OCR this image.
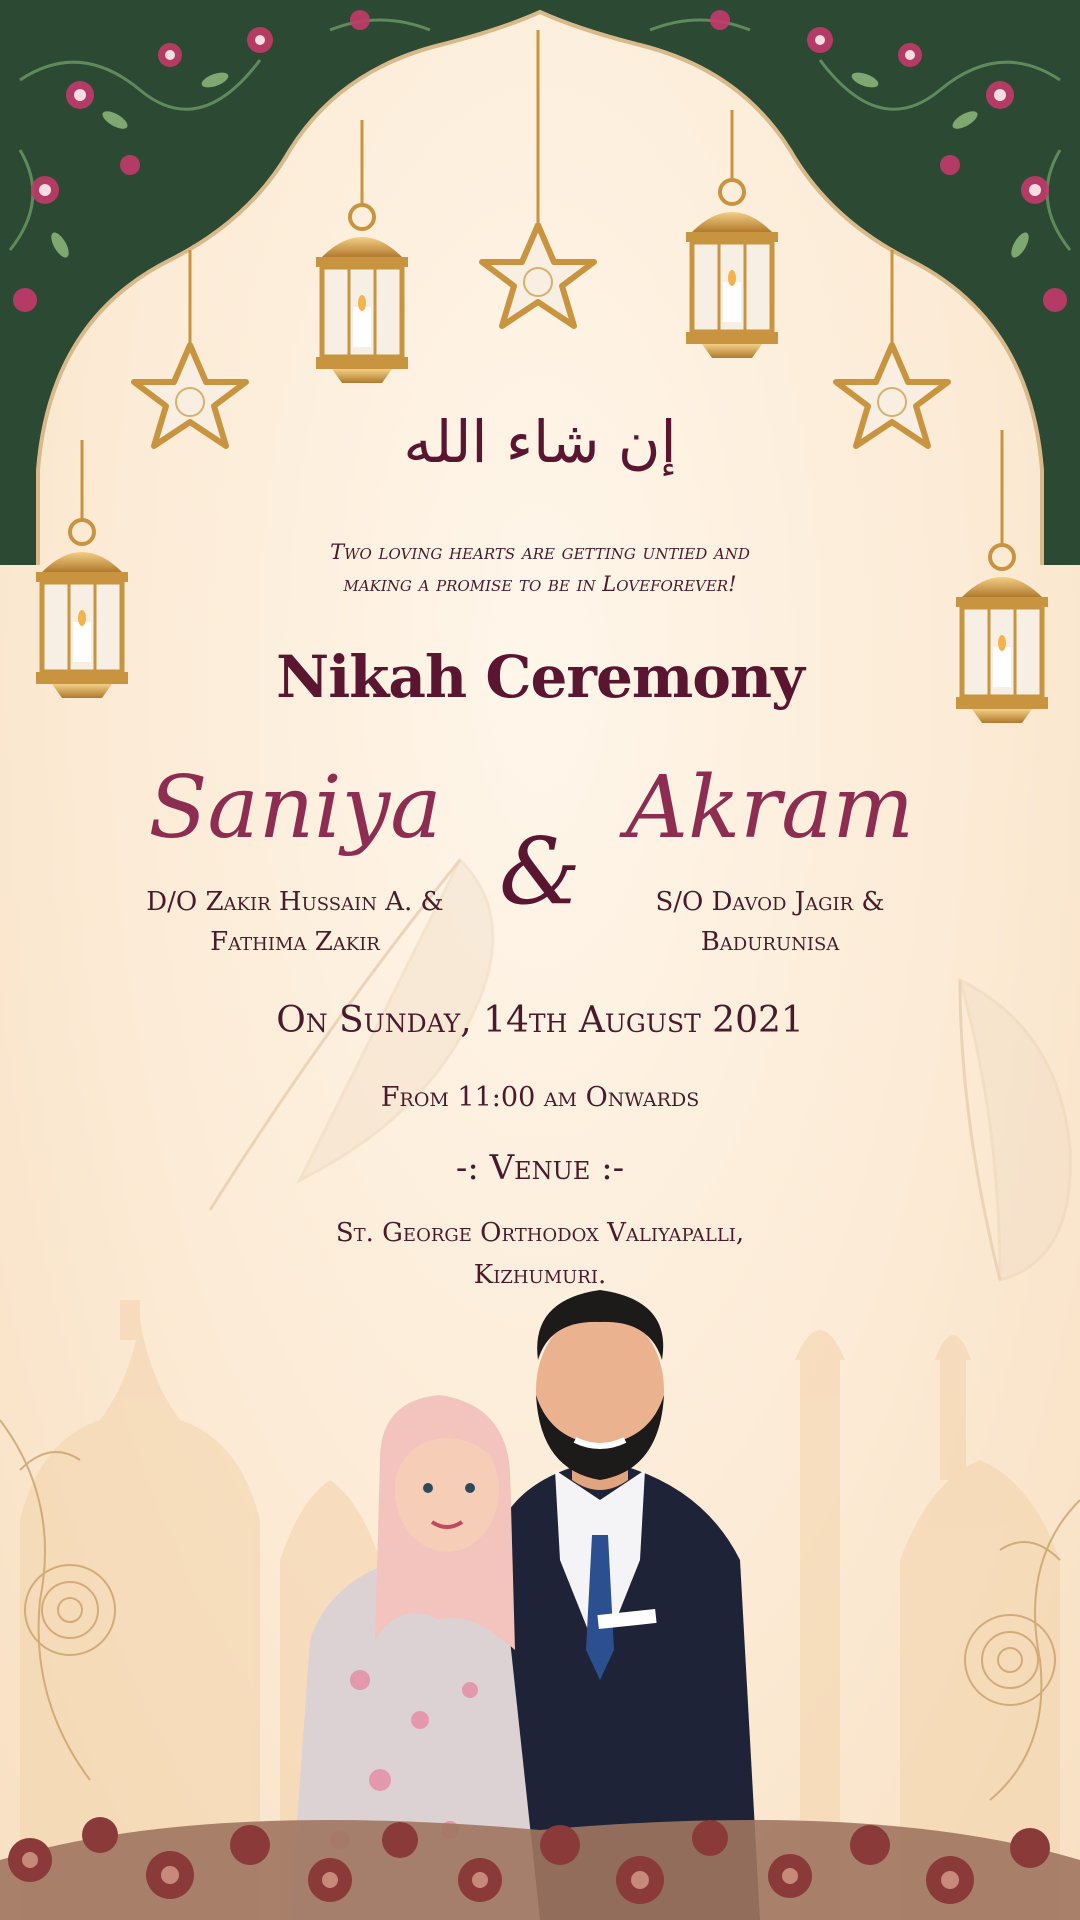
إن شاء الله
Two loving hearts are getting untied and
making a promise to be in Loveforever!
Nikah Ceremony
Saniya
&
Akram
D/O Zakir Hussain A. &
Fathima Zakir
S/O Davod Jagir &
Badurunisa
On Sunday, 14th August 2021
From 11:00 am Onwards
-: Venue :-
St. George Orthodox Valiyapalli,
Kizhumuri.
